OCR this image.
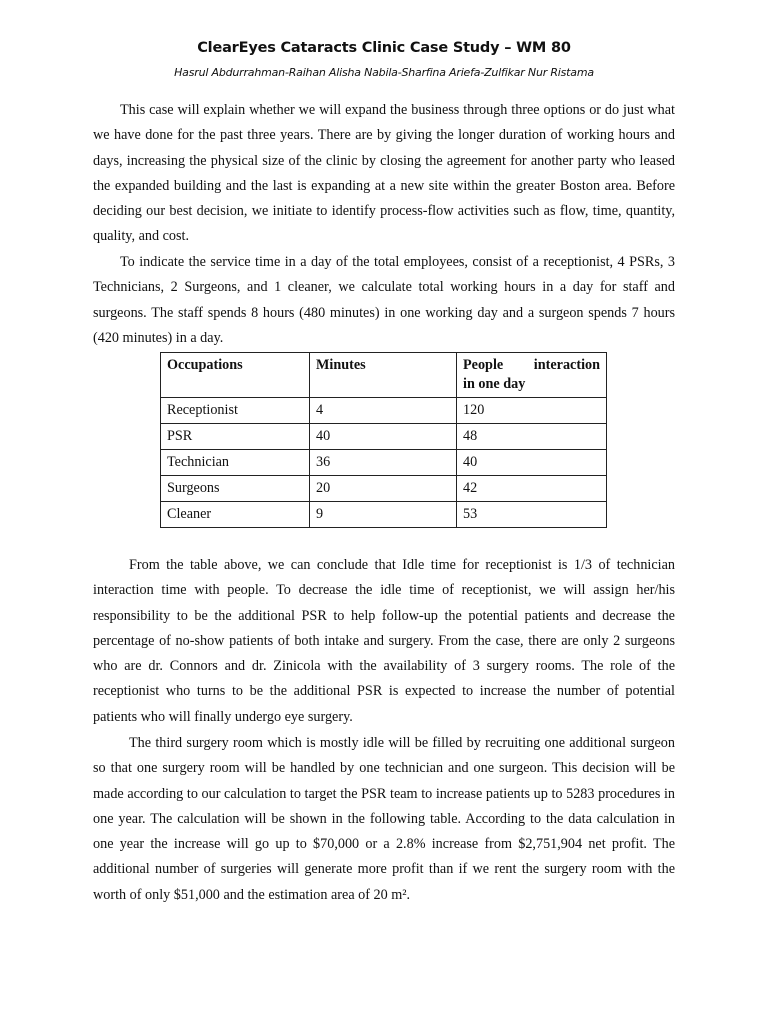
ClearEyes Cataracts Clinic Case Study – WM 80
Hasrul Abdurrahman-Raihan Alisha Nabila-Sharfina Ariefa-Zulfikar Nur Ristama

This case will explain whether we will expand the business through three options or do just what we have done for the past three years. There are by giving the longer duration of working hours and days, increasing the physical size of the clinic by closing the agreement for another party who leased the expanded building and the last is expanding at a new site within the greater Boston area. Before deciding our best decision, we initiate to identify process-flow activities such as flow, time, quantity, quality, and cost.

To indicate the service time in a day of the total employees, consist of a receptionist, 4 PSRs, 3 Technicians, 2 Surgeons, and 1 cleaner, we calculate total working hours in a day for staff and surgeons. The staff spends 8 hours (480 minutes) in one working day and a surgeon spends 7 hours (420 minutes) in a day.

Occupations	Minutes	People interaction
in one day

Receptionist	4	120
PSR	40	48
Technician	36	40
Surgeons	20	42
Cleaner	9	53

From the table above, we can conclude that Idle time for receptionist is 1/3 of technician interaction time with people. To decrease the idle time of receptionist, we will assign her/his responsibility to be the additional PSR to help follow-up the potential patients and decrease the percentage of no-show patients of both intake and surgery. From the case, there are only 2 surgeons who are dr. Connors and dr. Zinicola with the availability of 3 surgery rooms. The role of the receptionist who turns to be the additional PSR is expected to increase the number of potential patients who will finally undergo eye surgery.

The third surgery room which is mostly idle will be filled by recruiting one additional surgeon so that one surgery room will be handled by one technician and one surgeon. This decision will be made according to our calculation to target the PSR team to increase patients up to 5283 procedures in one year. The calculation will be shown in the following table. According to the data calculation in one year the increase will go up to $70,000 or a 2.8% increase from $2,751,904 net profit. The additional number of surgeries will generate more profit than if we rent the surgery room with the worth of only $51,000 and the estimation area of 20 m².
